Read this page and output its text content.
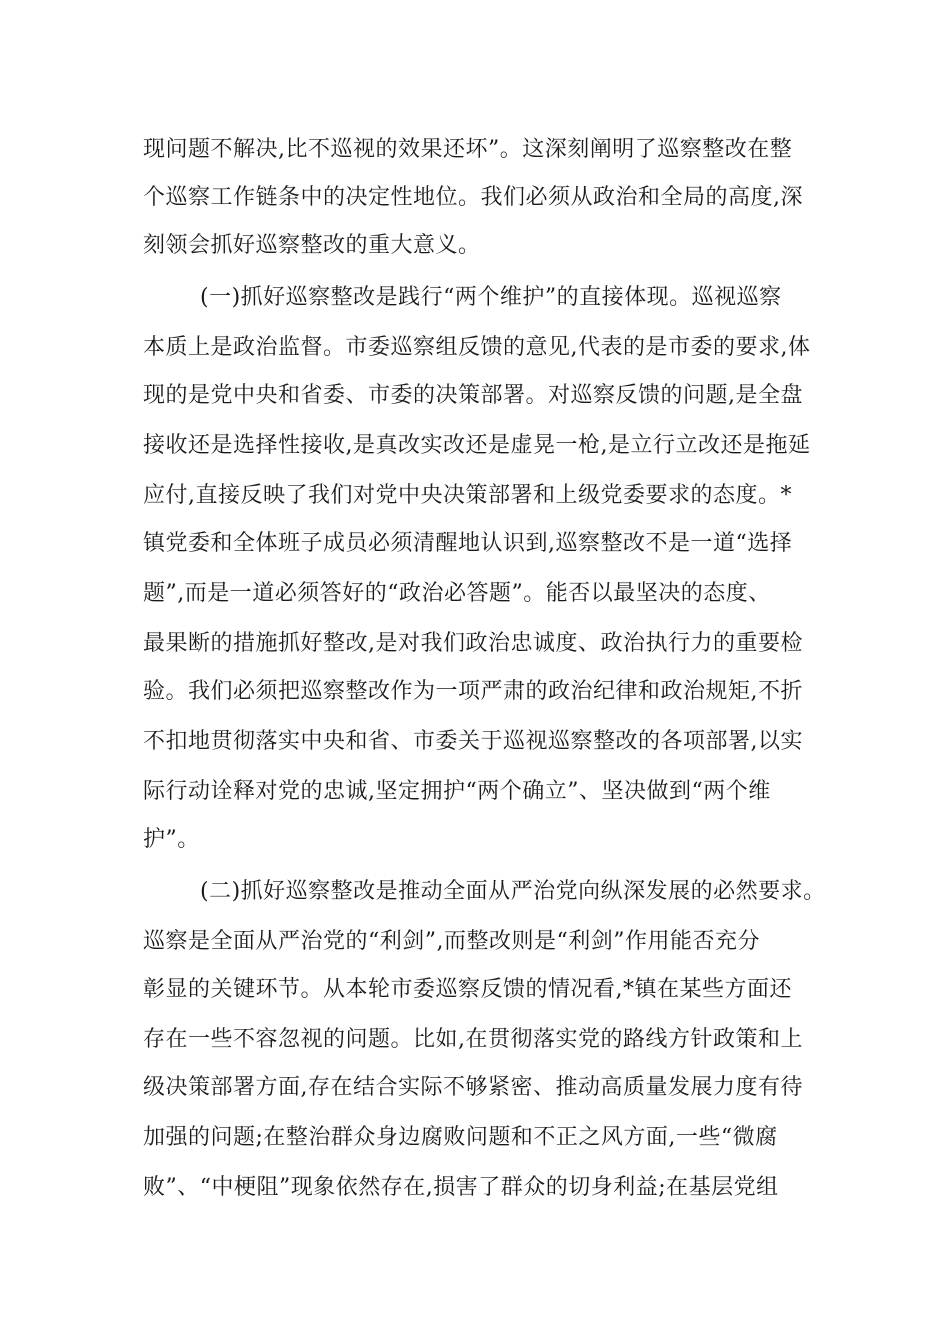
现问题不解决,比不巡视的效果还坏”。这深刻阐明了巡察整改在整
个巡察工作链条中的决定性地位。我们必须从政治和全局的高度,深
刻领会抓好巡察整改的重大意义。
(一)抓好巡察整改是践行“两个维护”的直接体现。巡视巡察
本质上是政治监督。市委巡察组反馈的意见,代表的是市委的要求,体
现的是党中央和省委、市委的决策部署。对巡察反馈的问题,是全盘
接收还是选择性接收,是真改实改还是虚晃一枪,是立行立改还是拖延
应付,直接反映了我们对党中央决策部署和上级党委要求的态度。*
镇党委和全体班子成员必须清醒地认识到,巡察整改不是一道“选择
题”,而是一道必须答好的“政治必答题”。能否以最坚决的态度、
最果断的措施抓好整改,是对我们政治忠诚度、政治执行力的重要检
验。我们必须把巡察整改作为一项严肃的政治纪律和政治规矩,不折
不扣地贯彻落实中央和省、市委关于巡视巡察整改的各项部署,以实
际行动诠释对党的忠诚,坚定拥护“两个确立”、坚决做到“两个维
护”。
(二)抓好巡察整改是推动全面从严治党向纵深发展的必然要求。
巡察是全面从严治党的“利剑”,而整改则是“利剑”作用能否充分
彰显的关键环节。从本轮市委巡察反馈的情况看,*镇在某些方面还
存在一些不容忽视的问题。比如,在贯彻落实党的路线方针政策和上
级决策部署方面,存在结合实际不够紧密、推动高质量发展力度有待
加强的问题;在整治群众身边腐败问题和不正之风方面,一些“微腐
败”、“中梗阻”现象依然存在,损害了群众的切身利益;在基层党组
